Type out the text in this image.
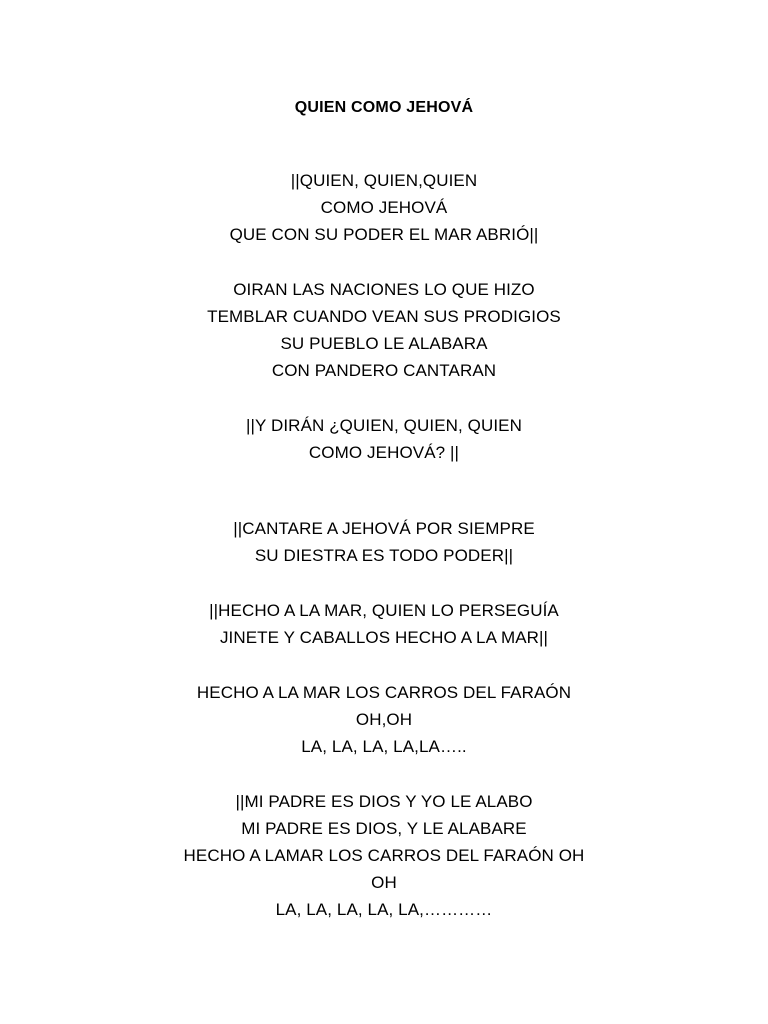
QUIEN COMO JEHOVÁ
||QUIEN, QUIEN,QUIEN
COMO JEHOVÁ
QUE CON SU PODER EL MAR ABRIÓ||
OIRAN LAS NACIONES LO QUE HIZO
TEMBLAR CUANDO VEAN SUS PRODIGIOS
SU PUEBLO LE ALABARA
CON PANDERO CANTARAN
||Y DIRÁN ¿QUIEN, QUIEN, QUIEN
COMO JEHOVÁ? ||
||CANTARE A JEHOVÁ POR SIEMPRE
SU DIESTRA ES TODO PODER||
||HECHO A LA MAR, QUIEN LO PERSEGUÍA
JINETE Y CABALLOS HECHO A LA MAR||
HECHO A LA MAR LOS CARROS DEL FARAÓN
OH,OH
LA, LA, LA, LA,LA…..
||MI PADRE ES DIOS Y YO LE ALABO
MI PADRE ES DIOS, Y LE ALABARE
HECHO A LAMAR LOS CARROS DEL FARAÓN OH
OH
LA, LA, LA, LA, LA,…………
